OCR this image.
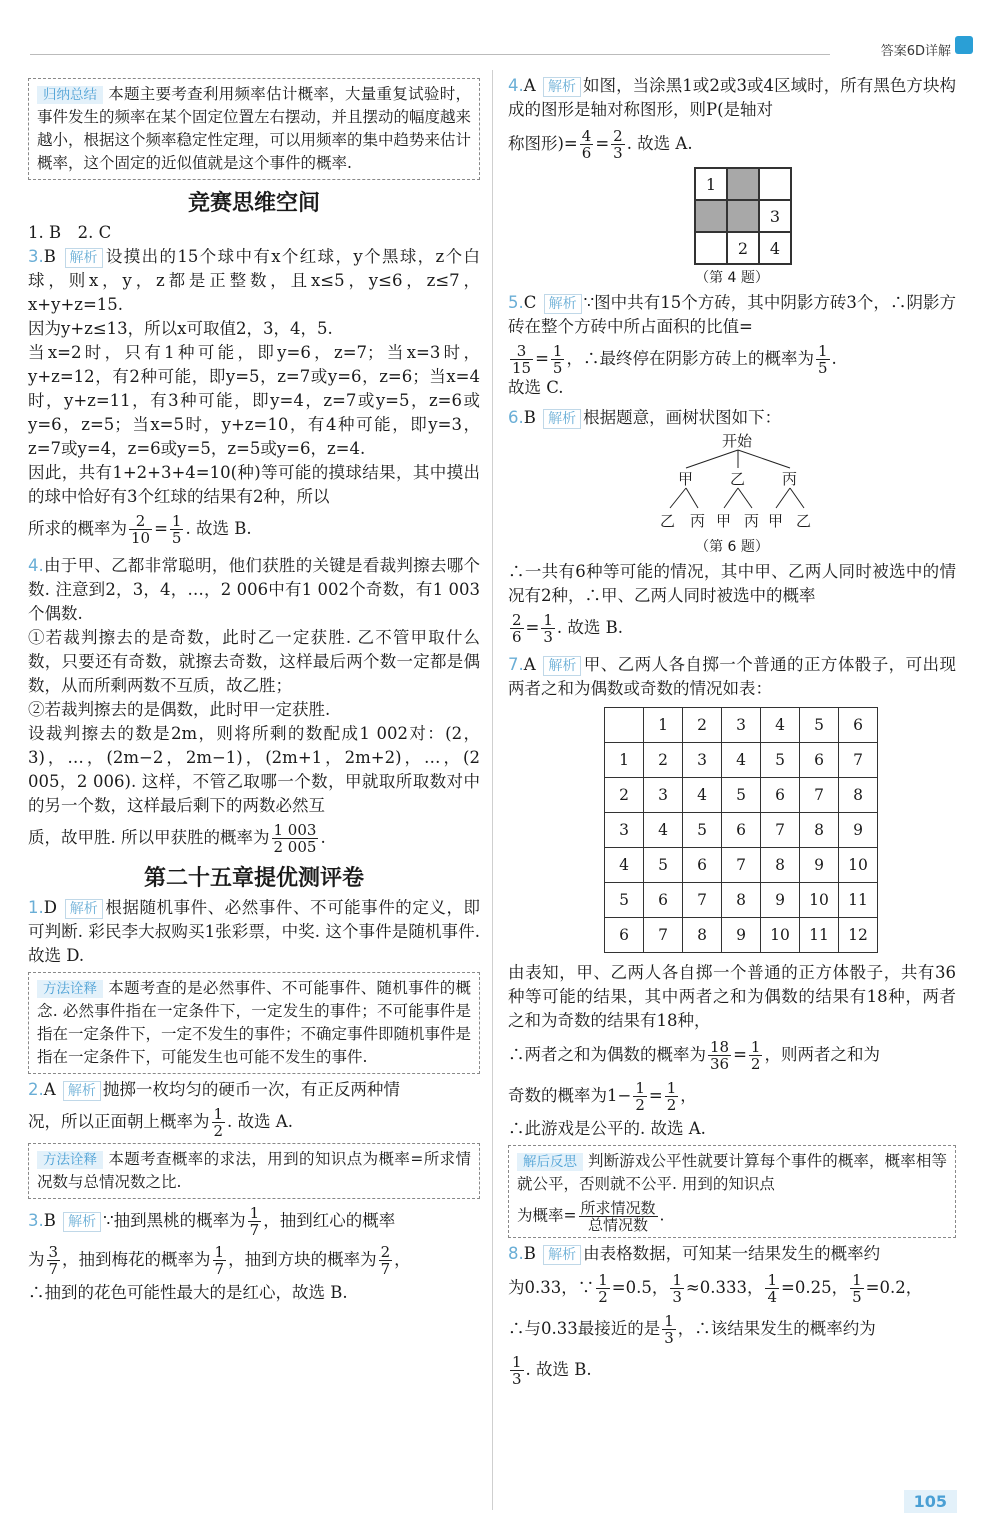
答案6D详解

归纳总结 本题主要考查利用频率估计概率，大量重复试验时，事件发生的频率在某个固定位置左右摆动，并且摆动的幅度越来越小，根据这个频率稳定性定理，可以用频率的集中趋势来估计概率，这个固定的近似值就是这个事件的概率.

竞赛思维空间

1. B　2. C

3.B 解析 设摸出的15个球中有x个红球，y个黑球，z个白球，则x，y，z都是正整数，且x≤5，y≤6，z≤7，x+y+z=15.

因为y+z≤13，所以x可取值2，3，4，5.

当x=2时，只有1种可能，即y=6，z=7；当x=3时，y+z=12，有2种可能，即y=5，z=7或y=6，z=6；当x=4时，y+z=11，有3种可能，即y=4，z=7或y=5，z=6或y=6，z=5；当x=5时，y+z=10，有4种可能，即y=3，z=7或y=4，z=6或y=5，z=5或y=6，z=4.

因此，共有1+2+3+4=10(种)等可能的摸球结果，其中摸出的球中恰好有3个红球的结果有2种，所以

所求的概率为 $\frac{2}{10} = \frac{1}{5}$ . 故选 B.

4.由于甲、乙都非常聪明，他们获胜的关键是看裁判擦去哪个数. 注意到2，3，4，…，2 006中有1 002个奇数，有1 003个偶数.

①若裁判擦去的是奇数，此时乙一定获胜. 乙不管甲取什么数，只要还有奇数，就擦去奇数，这样最后两个数一定都是偶数，从而所剩两数不互质，故乙胜；

②若裁判擦去的是偶数，此时甲一定获胜.

设裁判擦去的数是2m，则将所剩的数配成1 002对：(2，3)，…，(2m−2，2m−1)，(2m+1，2m+2)，…，(2 005，2 006). 这样，不管乙取哪一个数，甲就取所取数对中的另一个数，这样最后剩下的两数必然互

质，故甲胜. 所以甲获胜的概率为 $\frac{1 003}{2 005}$ .

第二十五章提优测评卷

1.D 解析 根据随机事件、必然事件、不可能事件的定义，即可判断. 彩民李大叔购买1张彩票，中奖. 这个事件是随机事件. 故选 D.

方法诠释 本题考查的是必然事件、不可能事件、随机事件的概念. 必然事件指在一定条件下，一定发生的事件；不可能事件是指在一定条件下，一定不发生的事件；不确定事件即随机事件是指在一定条件下，可能发生也可能不发生的事件.

2.A 解析 抛掷一枚均匀的硬币一次，有正反两种情

况，所以正面朝上概率为 $\frac{1}{2}$ . 故选 A.

方法诠释 本题考查概率的求法，用到的知识点为概率=所求情况数与总情况数之比.

3.B 解析 ∵抽到黑桃的概率为 $\frac{1}{7}$ ，抽到红心的概率

为 $\frac{3}{7}$ ，抽到梅花的概率为 $\frac{1}{7}$ ，抽到方块的概率为 $\frac{2}{7}$ ，

∴抽到的花色可能性最大的是红心，故选 B.

4.A 解析 如图，当涂黑1或2或3或4区域时，所有黑色方块构成的图形是轴对称图形，则P(是轴对

称图形)= $\frac{4}{6} = \frac{2}{3}$ . 故选 A.

1
3
2	4
（第 4 题）

5.C 解析 ∵图中共有15个方砖，其中阴影方砖3个，∴阴影方砖在整个方砖中所占面积的比值=

$\frac{3}{15} = \frac{1}{5}$ ，∴最终停在阴影方砖上的概率为 $\frac{1}{5}$ .

故选 C.

6.B 解析 根据题意，画树状图如下：

开始
甲 乙 丙
乙 丙 甲 丙 甲 乙
（第 6 题）

∴一共有6种等可能的情况，其中甲、乙两人同时被选中的情况有2种，∴甲、乙两人同时被选中的概率

$\frac{2}{6} = \frac{1}{3}$ . 故选 B.

7.A 解析 甲、乙两人各自掷一个普通的正方体骰子，可出现两者之和为偶数或奇数的情况如表：

	1	2	3	4	5	6
1	2	3	4	5	6	7
2	3	4	5	6	7	8
3	4	5	6	7	8	9
4	5	6	7	8	9	10
5	6	7	8	9	10	11
6	7	8	9	10	11	12

由表知，甲、乙两人各自掷一个普通的正方体骰子，共有36种等可能的结果，其中两者之和为偶数的结果有18种，两者之和为奇数的结果有18种，

∴两者之和为偶数的概率为 $\frac{18}{36} = \frac{1}{2}$ ，则两者之和为

奇数的概率为$1- \frac{1}{2} = \frac{1}{2}$ ，

∴此游戏是公平的. 故选 A.

解后反思 判断游戏公平性就要计算每个事件的概率，概率相等就公平，否则就不公平. 用到的知识点

为概率= $\frac{\text{所求情况数}}{\text{总情况数}}$ .

8.B 解析 由表格数据，可知某一结果发生的概率约

为0.33，∵ $\frac{1}{2} =0.5$， $\frac{1}{3} \approx 0.333$， $\frac{1}{4} =0.25$， $\frac{1}{5} =0.2$，

∴与0.33最接近的是 $\frac{1}{3}$ ，∴该结果发生的概率约为

$\frac{1}{3}$ . 故选 B.

105
